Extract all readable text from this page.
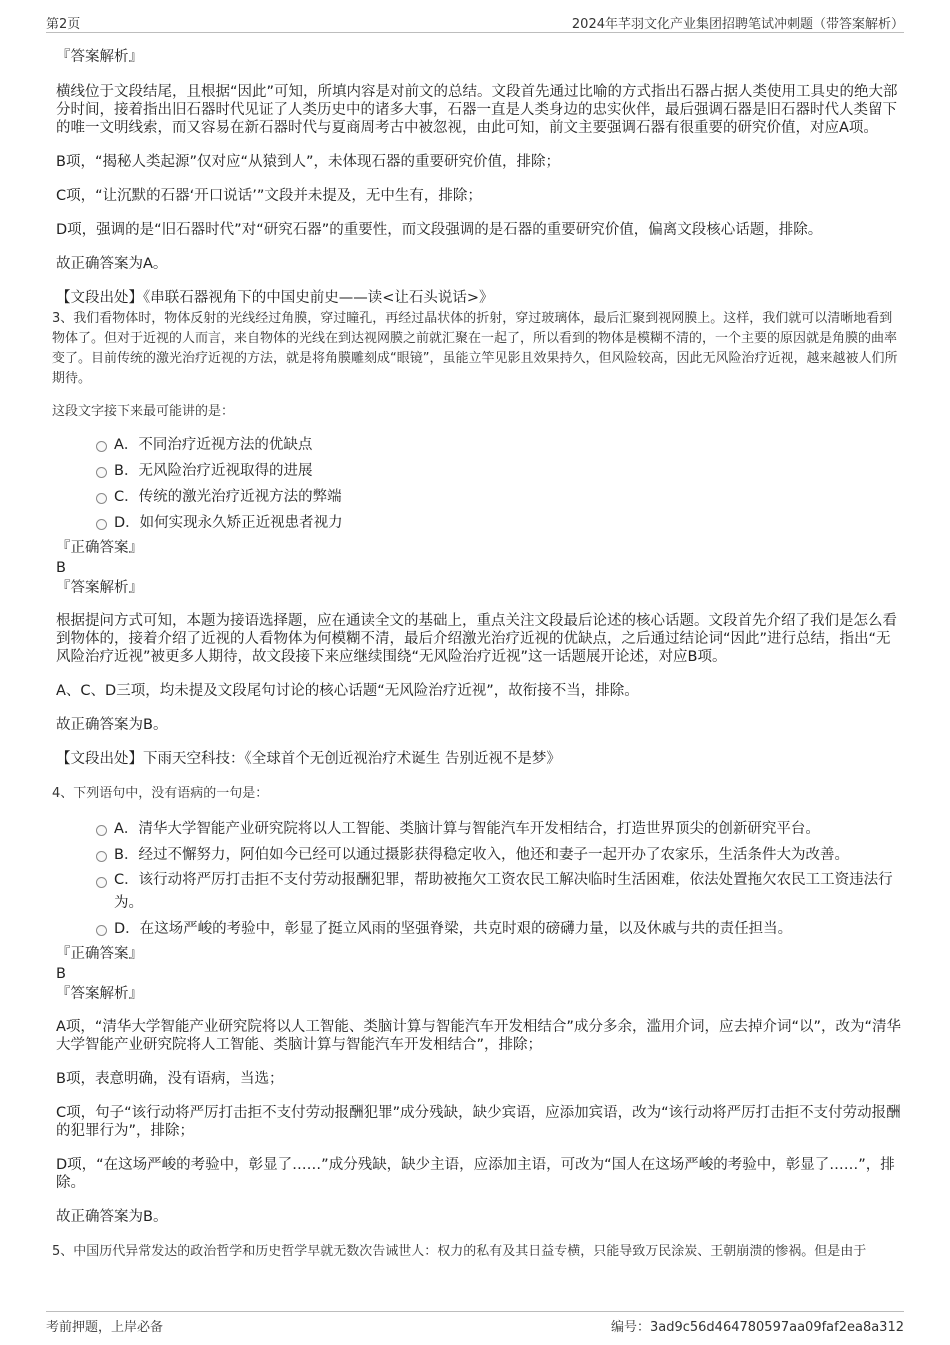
第2页	2024年芊羽文化产业集团招聘笔试冲刺题（带答案解析）

『答案解析』

横线位于文段结尾，且根据“因此”可知，所填内容是对前文的总结。文段首先通过比喻的方式指出石器占据人类使用工具史的绝大部分时间，接着指出旧石器时代见证了人类历史中的诸多大事，石器一直是人类身边的忠实伙伴，最后强调石器是旧石器时代人类留下的唯一文明线索，而又容易在新石器时代与夏商周考古中被忽视，由此可知，前文主要强调石器有很重要的研究价值，对应A项。

B项，“揭秘人类起源”仅对应“从猿到人”，未体现石器的重要研究价值，排除；

C项，“让沉默的石器‘开口说话’”文段并未提及，无中生有，排除；

D项，强调的是“旧石器时代”对“研究石器”的重要性，而文段强调的是石器的重要研究价值，偏离文段核心话题，排除。

故正确答案为A。

【文段出处】《串联石器视角下的中国史前史——读<让石头说话>》

3、我们看物体时，物体反射的光线经过角膜，穿过瞳孔，再经过晶状体的折射，穿过玻璃体，最后汇聚到视网膜上。这样，我们就可以清晰地看到物体了。但对于近视的人而言，来自物体的光线在到达视网膜之前就汇聚在一起了，所以看到的物体是模糊不清的，一个主要的原因就是角膜的曲率变了。目前传统的激光治疗近视的方法，就是将角膜雕刻成“眼镜”，虽能立竿见影且效果持久，但风险较高，因此无风险治疗近视，越来越被人们所期待。

这段文字接下来最可能讲的是：

A．不同治疗近视方法的优缺点
B．无风险治疗近视取得的进展
C．传统的激光治疗近视方法的弊端
D．如何实现永久矫正近视患者视力

『正确答案』

B

『答案解析』

根据提问方式可知，本题为接语选择题，应在通读全文的基础上，重点关注文段最后论述的核心话题。文段首先介绍了我们是怎么看到物体的，接着介绍了近视的人看物体为何模糊不清，最后介绍激光治疗近视的优缺点，之后通过结论词“因此”进行总结，指出“无风险治疗近视”被更多人期待，故文段接下来应继续围绕“无风险治疗近视”这一话题展开论述，对应B项。

A、C、D三项，均未提及文段尾句讨论的核心话题“无风险治疗近视”，故衔接不当，排除。

故正确答案为B。

【文段出处】下雨天空科技：《全球首个无创近视治疗术诞生 告别近视不是梦》

4、下列语句中，没有语病的一句是：

A．清华大学智能产业研究院将以人工智能、类脑计算与智能汽车开发相结合，打造世界顶尖的创新研究平台。
B．经过不懈努力，阿伯如今已经可以通过摄影获得稳定收入，他还和妻子一起开办了农家乐，生活条件大为改善。
C．该行动将严厉打击拒不支付劳动报酬犯罪，帮助被拖欠工资农民工解决临时生活困难，依法处置拖欠农民工工资违法行为。
D．在这场严峻的考验中，彰显了挺立风雨的坚强脊梁，共克时艰的磅礴力量，以及休戚与共的责任担当。

『正确答案』

B

『答案解析』

A项，“清华大学智能产业研究院将以人工智能、类脑计算与智能汽车开发相结合”成分多余，滥用介词，应去掉介词“以”，改为“清华大学智能产业研究院将人工智能、类脑计算与智能汽车开发相结合”，排除；

B项，表意明确，没有语病，当选；

C项，句子“该行动将严厉打击拒不支付劳动报酬犯罪”成分残缺，缺少宾语，应添加宾语，改为“该行动将严厉打击拒不支付劳动报酬的犯罪行为”，排除；

D项，“在这场严峻的考验中，彰显了……”成分残缺，缺少主语，应添加主语，可改为“国人在这场严峻的考验中，彰显了……”，排除。

故正确答案为B。

5、中国历代异常发达的政治哲学和历史哲学早就无数次告诫世人：权力的私有及其日益专横，只能导致万民涂炭、王朝崩溃的惨祸。但是由于

考前押题，上岸必备	编号：3ad9c56d464780597aa09faf2ea8a312
